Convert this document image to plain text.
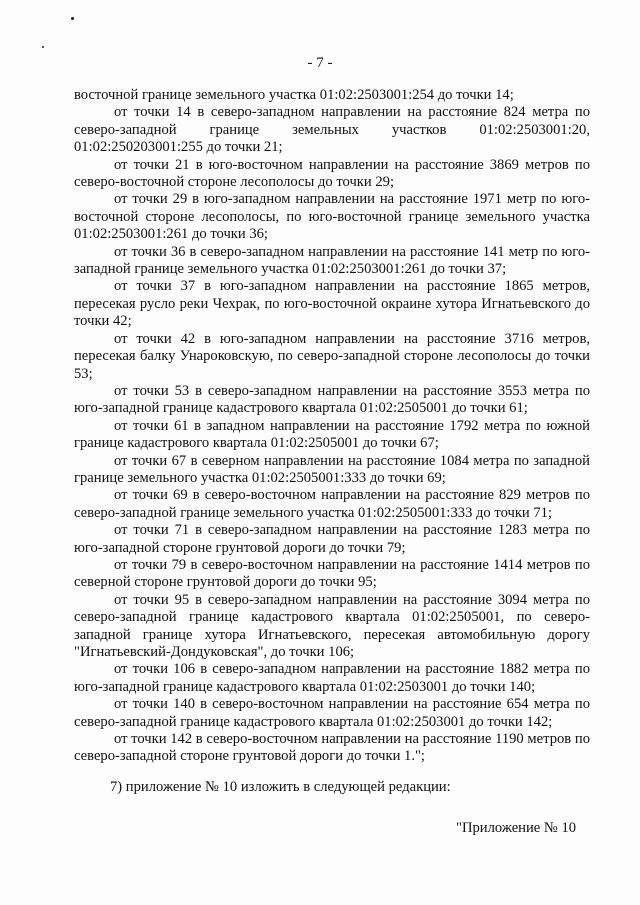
- 7 -

восточной границе земельного участка 01:02:2503001:254 до точки 14;

от точки 14 в северо-западном направлении на расстояние 824 метра по северо-западной границе земельных участков 01:02:2503001:20, 01:02:250203001:255 до точки 21;

от точки 21 в юго-восточном направлении на расстояние 3869 метров по северо-восточной стороне лесополосы до точки 29;

от точки 29 в юго-западном направлении на расстояние 1971 метр по юго-восточной стороне лесополосы, по юго-восточной границе земельного участка 01:02:2503001:261 до точки 36;

от точки 36 в северо-западном направлении на расстояние 141 метр по юго-западной границе земельного участка 01:02:2503001:261 до точки 37;

от точки 37 в юго-западном направлении на расстояние 1865 метров, пересекая русло реки Чехрак, по юго-восточной окраине хутора Игнатьевского до точки 42;

от точки 42 в юго-западном направлении на расстояние 3716 метров, пересекая балку Унароковскую, по северо-западной стороне лесополосы до точки 53;

от точки 53 в северо-западном направлении на расстояние 3553 метра по юго-западной границе кадастрового квартала 01:02:2505001 до точки 61;

от точки 61 в западном направлении на расстояние 1792 метра по южной границе кадастрового квартала 01:02:2505001 до точки 67;

от точки 67 в северном направлении на расстояние 1084 метра по западной границе земельного участка 01:02:2505001:333 до точки 69;

от точки 69 в северо-восточном направлении на расстояние 829 метров по северо-западной границе земельного участка 01:02:2505001:333 до точки 71;

от точки 71 в северо-западном направлении на расстояние 1283 метра по юго-западной стороне грунтовой дороги до точки 79;

от точки 79 в северо-восточном направлении на расстояние 1414 метров по северной стороне грунтовой дороги до точки 95;

от точки 95 в северо-западном направлении на расстояние 3094 метра по северо-западной границе кадастрового квартала 01:02:2505001, по северо-западной границе хутора Игнатьевского, пересекая автомобильную дорогу "Игнатьевский-Дондуковская", до точки 106;

от точки 106 в северо-западном направлении на расстояние 1882 метра по юго-западной границе кадастрового квартала 01:02:2503001 до точки 140;

от точки 140 в северо-восточном направлении на расстояние 654 метра по северо-западной границе кадастрового квартала 01:02:2503001 до точки 142;

от точки 142 в северо-восточном направлении на расстояние 1190 метров по северо-западной стороне грунтовой дороги до точки 1.";

7) приложение № 10 изложить в следующей редакции:
"Приложение № 10
